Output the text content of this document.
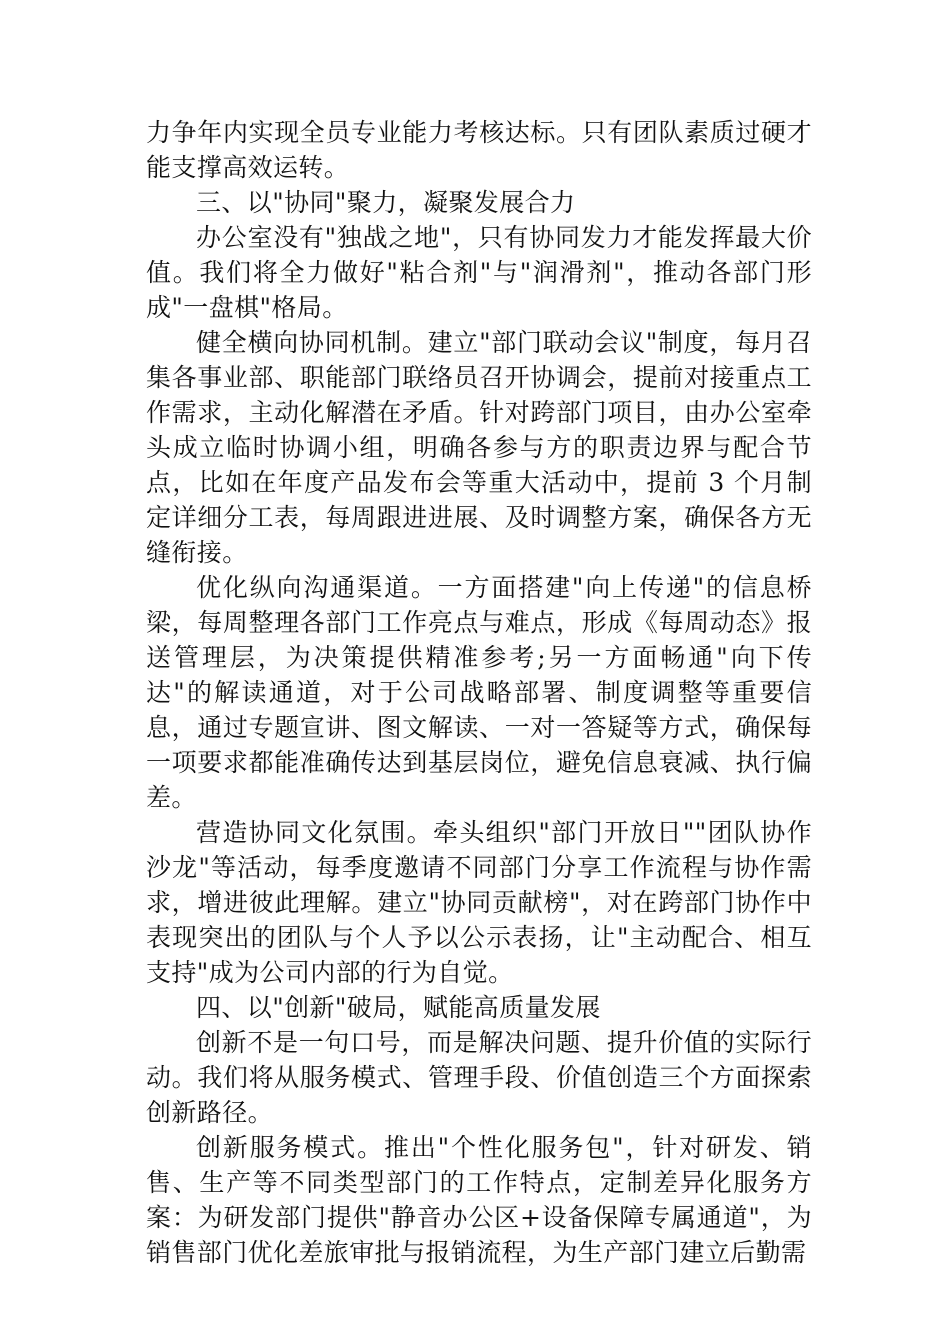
力争年内实现全员专业能力考核达标。只有团队素质过硬才能支撑高效运转。

三、以"协同"聚力，凝聚发展合力

办公室没有"独战之地"，只有协同发力才能发挥最大价值。我们将全力做好"粘合剂"与"润滑剂"，推动各部门形成"一盘棋"格局。

健全横向协同机制。建立"部门联动会议"制度，每月召集各事业部、职能部门联络员召开协调会，提前对接重点工作需求，主动化解潜在矛盾。针对跨部门项目，由办公室牵头成立临时协调小组，明确各参与方的职责边界与配合节点，比如在年度产品发布会等重大活动中，提前 3 个月制定详细分工表，每周跟进进展、及时调整方案，确保各方无缝衔接。

优化纵向沟通渠道。一方面搭建"向上传递"的信息桥梁，每周整理各部门工作亮点与难点，形成《每周动态》报送管理层，为决策提供精准参考;另一方面畅通"向下传达"的解读通道，对于公司战略部署、制度调整等重要信息，通过专题宣讲、图文解读、一对一答疑等方式，确保每一项要求都能准确传达到基层岗位，避免信息衰减、执行偏差。

营造协同文化氛围。牵头组织"部门开放日""团队协作沙龙"等活动，每季度邀请不同部门分享工作流程与协作需求，增进彼此理解。建立"协同贡献榜"，对在跨部门协作中表现突出的团队与个人予以公示表扬，让"主动配合、相互支持"成为公司内部的行为自觉。

四、以"创新"破局，赋能高质量发展

创新不是一句口号，而是解决问题、提升价值的实际行动。我们将从服务模式、管理手段、价值创造三个方面探索创新路径。

创新服务模式。推出"个性化服务包"，针对研发、销售、生产等不同类型部门的工作特点，定制差异化服务方案：为研发部门提供"静音办公区+设备保障专属通道"，为销售部门优化差旅审批与报销流程，为生产部门建立后勤需
